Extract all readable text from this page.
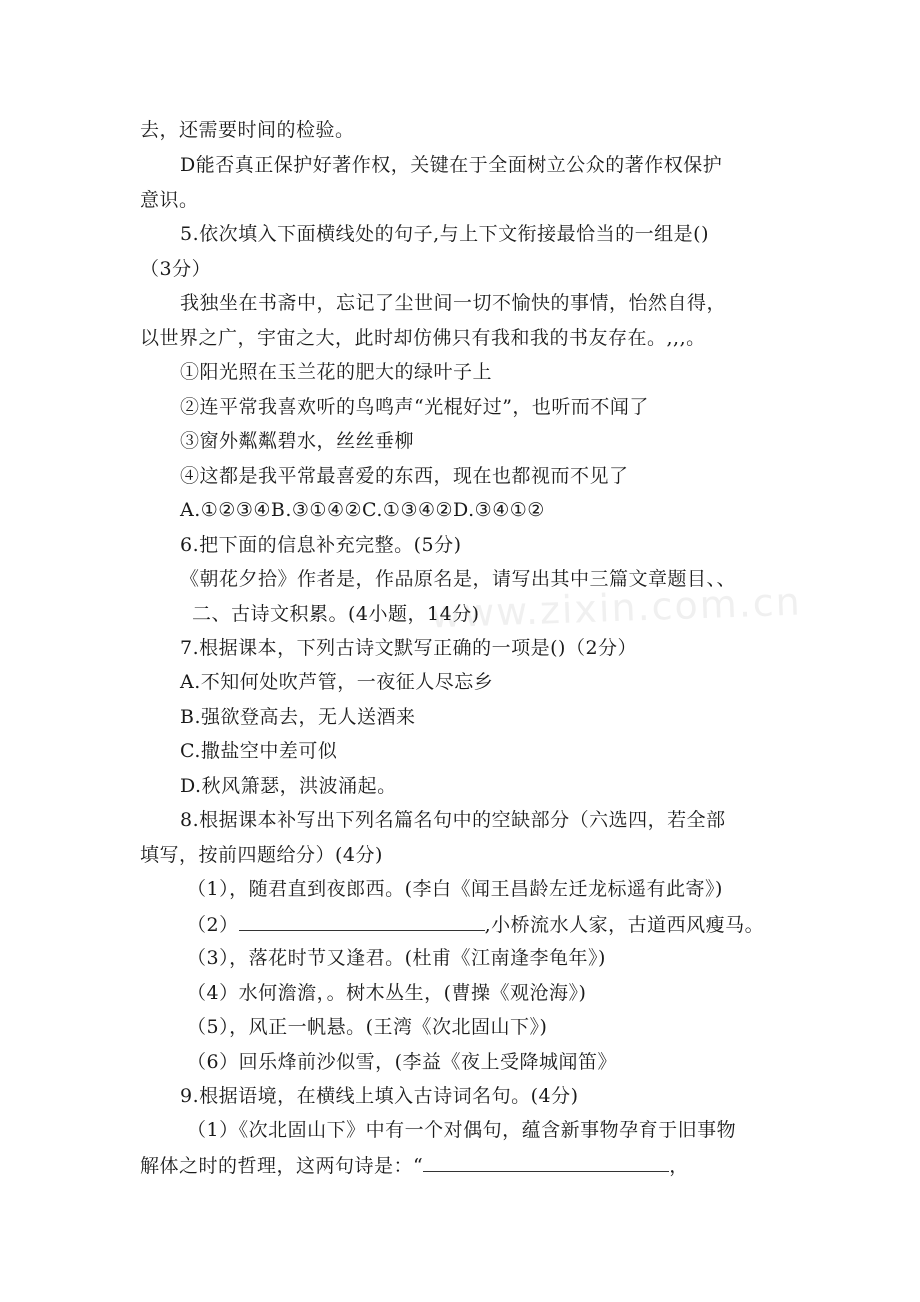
www.zixin.com.cn
去，还需要时间的检验。
D能否真正保护好著作权，关键在于全面树立公众的著作权保护
意识。
5.依次填入下面横线处的句子,与上下文衔接最恰当的一组是()
（3分）
我独坐在书斋中，忘记了尘世间一切不愉快的事情，怡然自得，
以世界之广，宇宙之大，此时却仿佛只有我和我的书友存在。,,,。
①阳光照在玉兰花的肥大的绿叶子上
②连平常我喜欢听的鸟鸣声“光棍好过”，也听而不闻了
③窗外粼粼碧水，丝丝垂柳
④这都是我平常最喜爱的东西，现在也都视而不见了
A.①②③④B.③①④②C.①③④②D.③④①②
6.把下面的信息补充完整。(5分)
《朝花夕拾》作者是，作品原名是，请写出其中三篇文章题目、、
二、古诗文积累。(4小题，14分)
7.根据课本，下列古诗文默写正确的一项是()（2分）
A.不知何处吹芦管，一夜征人尽忘乡
B.强欲登高去，无人送酒来
C.撒盐空中差可似
D.秋风箫瑟，洪波涌起。
8.根据课本补写出下列名篇名句中的空缺部分（六选四，若全部
填写，按前四题给分）(4分)
（1），随君直到夜郎西。(李白《闻王昌龄左迁龙标遥有此寄》)
（2）	,小桥流水人家，古道西风瘦马。
（3），落花时节又逢君。(杜甫《江南逢李龟年》)
（4）水何澹澹，。树木丛生，(曹操《观沧海》)
（5），风正一帆悬。(王湾《次北固山下》)
（6）回乐烽前沙似雪，(李益《夜上受降城闻笛》
9.根据语境，在横线上填入古诗词名句。(4分)
（1）《次北固山下》中有一个对偶句，蕴含新事物孕育于旧事物
解体之时的哲理，这两句诗是：“	，
